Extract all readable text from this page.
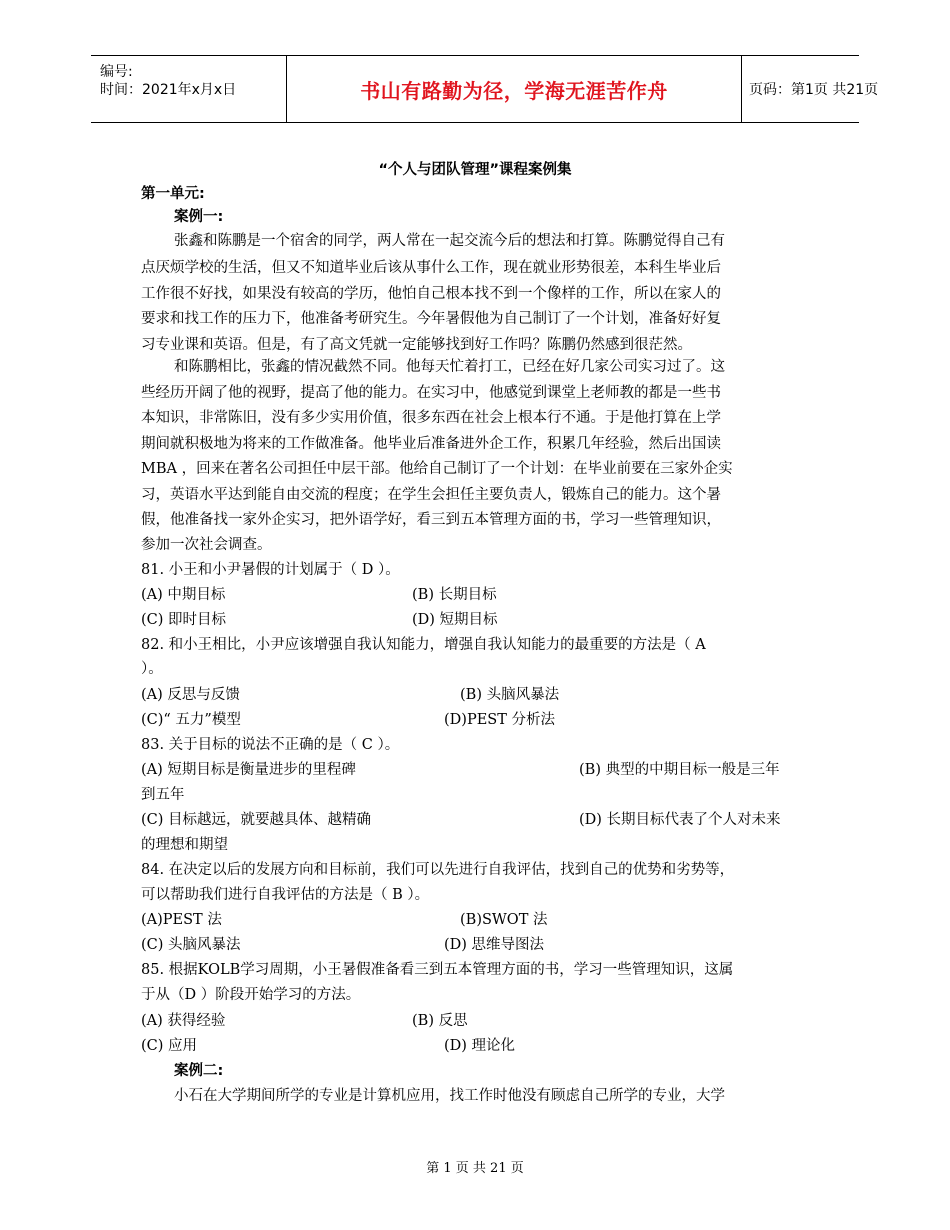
编号:
时间：2021年x月x日	书山有路勤为径，学海无涯苦作舟	页码：第1页 共21页
“个人与团队管理”课程案例集
第一单元:
案例一:
张鑫和陈鹏是一个宿舍的同学，两人常在一起交流今后的想法和打算。陈鹏觉得自己有
点厌烦学校的生活，但又不知道毕业后该从事什么工作，现在就业形势很差，本科生毕业后
工作很不好找，如果没有较高的学历，他怕自己根本找不到一个像样的工作，所以在家人的
要求和找工作的压力下，他准备考研究生。今年暑假他为自己制订了一个计划，准备好好复
习专业课和英语。但是，有了高文凭就一定能够找到好工作吗？陈鹏仍然感到很茫然。
和陈鹏相比，张鑫的情况截然不同。他每天忙着打工，已经在好几家公司实习过了。这
些经历开阔了他的视野，提高了他的能力。在实习中，他感觉到课堂上老师教的都是一些书
本知识，非常陈旧，没有多少实用价值，很多东西在社会上根本行不通。于是他打算在上学
期间就积极地为将来的工作做准备。他毕业后准备进外企工作，积累几年经验，然后出国读
MBA ，回来在著名公司担任中层干部。他给自己制订了一个计划：在毕业前要在三家外企实
习，英语水平达到能自由交流的程度；在学生会担任主要负责人，锻炼自己的能力。这个暑
假，他准备找一家外企实习，把外语学好，看三到五本管理方面的书，学习一些管理知识，
参加一次社会调查。
81. 小王和小尹暑假的计划属于（ D ）。
(A) 中期目标	(B) 长期目标
(C) 即时目标	(D) 短期目标
82. 和小王相比，小尹应该增强自我认知能力，增强自我认知能力的最重要的方法是（ A
）。
(A) 反思与反馈	(B) 头脑风暴法
(C)“ 五力”模型	(D)PEST 分析法
83. 关于目标的说法不正确的是（ C ）。
(A) 短期目标是衡量进步的里程碑	(B) 典型的中期目标一般是三年
到五年
(C) 目标越远，就要越具体、越精确	(D) 长期目标代表了个人对未来
的理想和期望
84. 在决定以后的发展方向和目标前，我们可以先进行自我评估，找到自己的优势和劣势等，
可以帮助我们进行自我评估的方法是（ B ）。
(A)PEST 法	(B)SWOT 法
(C) 头脑风暴法	(D) 思维导图法
85. 根据KOLB学习周期，小王暑假准备看三到五本管理方面的书，学习一些管理知识，这属
于从（D ）阶段开始学习的方法。
(A) 获得经验	(B) 反思
(C) 应用	(D) 理论化
案例二:
小石在大学期间所学的专业是计算机应用，找工作时他没有顾虑自己所学的专业，大学
第 1 页 共 21 页
